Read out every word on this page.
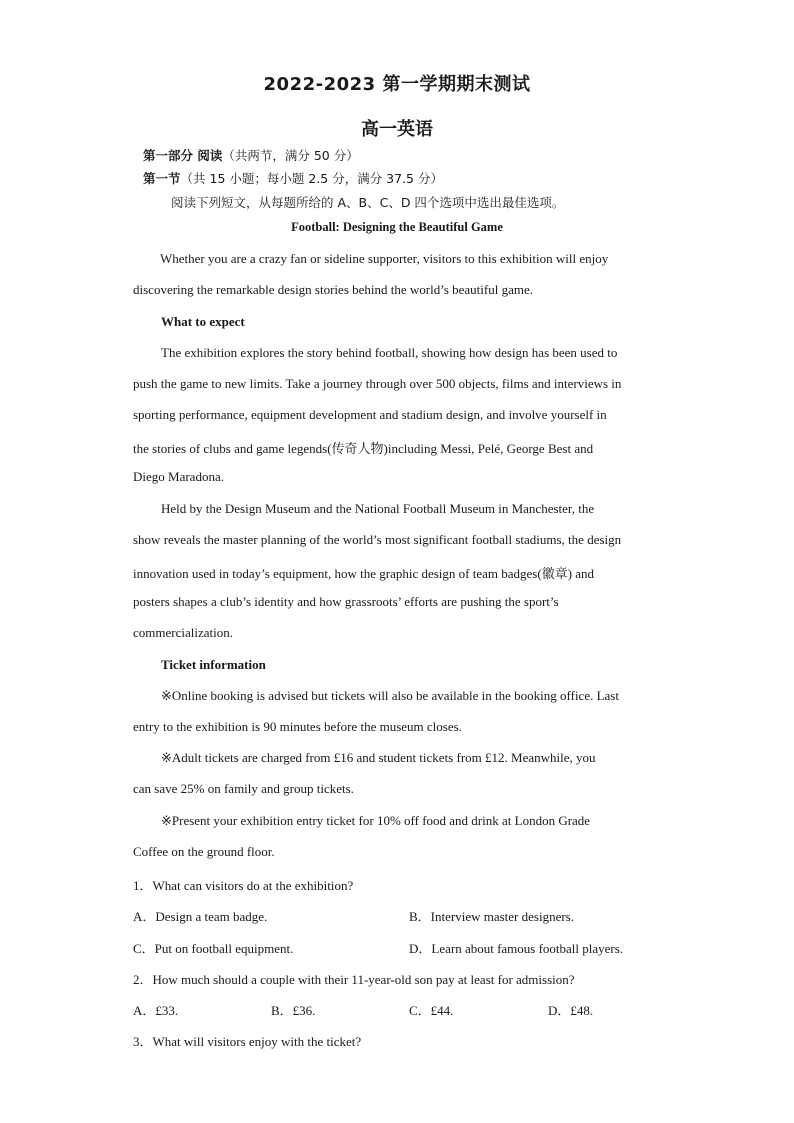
2022-2023 第一学期期末测试
高一英语
第一部分 阅读（共两节，满分 50 分）
第一节（共 15 小题；每小题 2.5 分，满分 37.5 分）
阅读下列短文，从每题所给的 A、B、C、D 四个选项中选出最佳选项。
Football: Designing the Beautiful Game
Whether you are a crazy fan or sideline supporter, visitors to this exhibition will enjoy
discovering the remarkable design stories behind the world’s beautiful game.
What to expect
The exhibition explores the story behind football, showing how design has been used to
push the game to new limits. Take a journey through over 500 objects, films and interviews in
sporting performance, equipment development and stadium design, and involve yourself in
the stories of clubs and game legends(传奇人物)including Messi, Pelé, George Best and
Diego Maradona.
Held by the Design Museum and the National Football Museum in Manchester, the
show reveals the master planning of the world’s most significant football stadiums, the design
innovation used in today’s equipment, how the graphic design of team badges(徽章) and
posters shapes a club’s identity and how grassroots’ efforts are pushing the sport’s
commercialization.
Ticket information
※Online booking is advised but tickets will also be available in the booking office. Last
entry to the exhibition is 90 minutes before the museum closes.
※Adult tickets are charged from £16 and student tickets from £12. Meanwhile, you
can save 25% on family and group tickets.
※Present your exhibition entry ticket for 10% off food and drink at London Grade
Coffee on the ground floor.
1．What can visitors do at the exhibition?
A．Design a team badge.	B．Interview master designers.
C．Put on football equipment.	D．Learn about famous football players.
2．How much should a couple with their 11-year-old son pay at least for admission?
A．£33.	B．£36.	C．£44.	D．£48.
3．What will visitors enjoy with the ticket?
